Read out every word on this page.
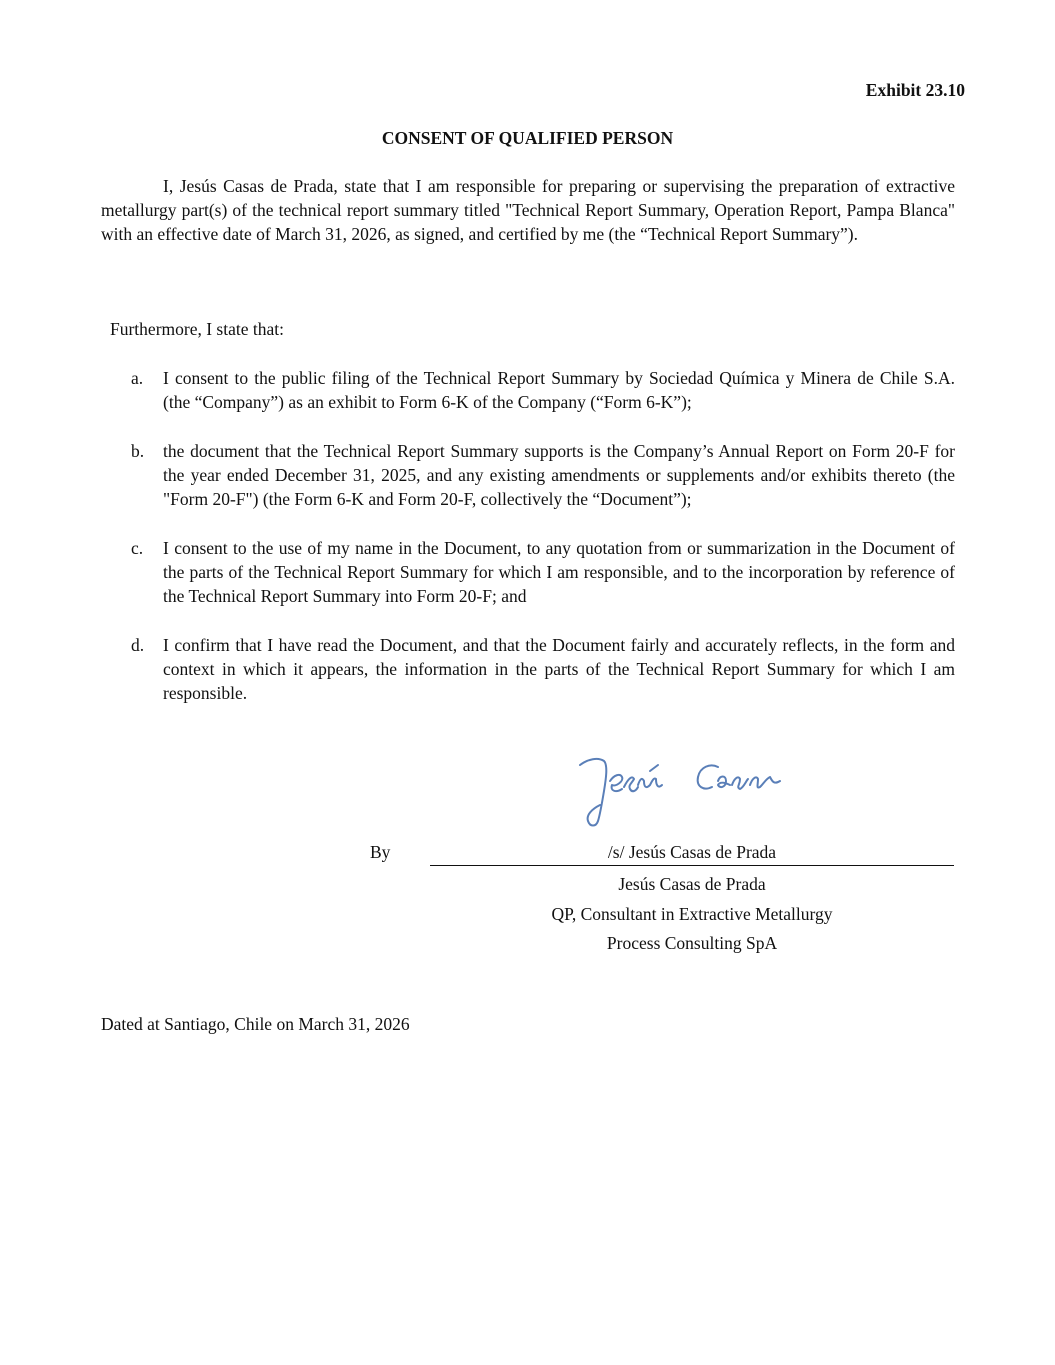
Exhibit 23.10
CONSENT OF QUALIFIED PERSON

I, Jesús Casas de Prada, state that I am responsible for preparing or supervising the preparation of extractive metallurgy part(s) of the technical report summary titled "Technical Report Summary, Operation Report, Pampa Blanca" with an effective date of March 31, 2026, as signed, and certified by me (the “Technical Report Summary”).

Furthermore, I state that:

a. I consent to the public filing of the Technical Report Summary by Sociedad Química y Minera de Chile S.A. (the “Company”) as an exhibit to Form 6-K of the Company (“Form 6-K”);
b. the document that the Technical Report Summary supports is the Company’s Annual Report on Form 20-F for the year ended December 31, 2025, and any existing amendments or supplements and/or exhibits thereto (the "Form 20-F") (the Form 6-K and Form 20-F, collectively the “Document”);
c. I consent to the use of my name in the Document, to any quotation from or summarization in the Document of the parts of the Technical Report Summary for which I am responsible, and to the incorporation by reference of the Technical Report Summary into Form 20-F; and
d. I confirm that I have read the Document, and that the Document fairly and accurately reflects, in the form and context in which it appears, the information in the parts of the Technical Report Summary for which I am responsible.
By	/s/ Jesús Casas de Prada
Jesús Casas de Prada
QP, Consultant in Extractive Metallurgy
Process Consulting SpA
Dated at Santiago, Chile on March 31, 2026
